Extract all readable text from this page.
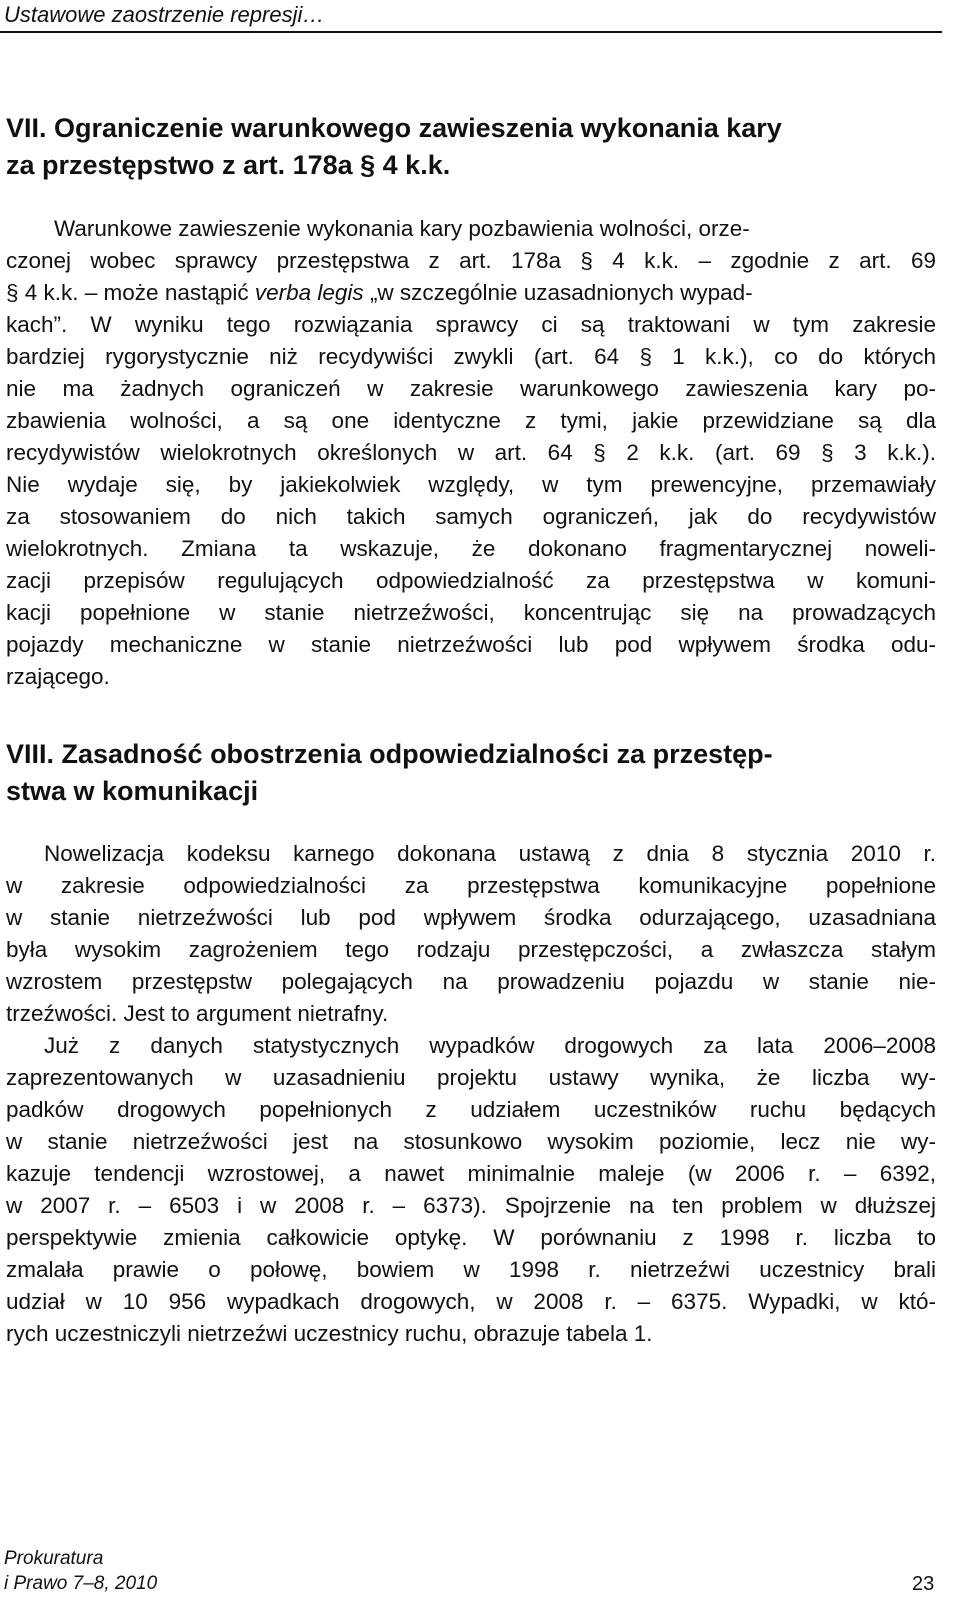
Ustawowe zaostrzenie represji…
VII. Ograniczenie warunkowego zawieszenia wykonania kary
za przestępstwo z art. 178a § 4 k.k.
Warunkowe zawieszenie wykonania kary pozbawienia wolności, orze-
czonej wobec sprawcy przestępstwa z art. 178a § 4 k.k. – zgodnie z art. 69
§ 4 k.k. – może nastąpić verba legis „w szczególnie uzasadnionych wypad-
kach”. W wyniku tego rozwiązania sprawcy ci są traktowani w tym zakresie
bardziej rygorystycznie niż recydywiści zwykli (art. 64 § 1 k.k.), co do których
nie ma żadnych ograniczeń w zakresie warunkowego zawieszenia kary po-
zbawienia wolności, a są one identyczne z tymi, jakie przewidziane są dla
recydywistów wielokrotnych określonych w art. 64 § 2 k.k. (art. 69 § 3 k.k.).
Nie wydaje się, by jakiekolwiek względy, w tym prewencyjne, przemawiały
za stosowaniem do nich takich samych ograniczeń, jak do recydywistów
wielokrotnych. Zmiana ta wskazuje, że dokonano fragmentarycznej noweli-
zacji przepisów regulujących odpowiedzialność za przestępstwa w komuni-
kacji popełnione w stanie nietrzeźwości, koncentrując się na prowadzących
pojazdy mechaniczne w stanie nietrzeźwości lub pod wpływem środka odu-
rzającego.
VIII. Zasadność obostrzenia odpowiedzialności za przestęp-
stwa w komunikacji
Nowelizacja kodeksu karnego dokonana ustawą z dnia 8 stycznia 2010 r.
w zakresie odpowiedzialności za przestępstwa komunikacyjne popełnione
w stanie nietrzeźwości lub pod wpływem środka odurzającego, uzasadniana
była wysokim zagrożeniem tego rodzaju przestępczości, a zwłaszcza stałym
wzrostem przestępstw polegających na prowadzeniu pojazdu w stanie nie-
trzeźwości. Jest to argument nietrafny.
Już z danych statystycznych wypadków drogowych za lata 2006–2008
zaprezentowanych w uzasadnieniu projektu ustawy wynika, że liczba wy-
padków drogowych popełnionych z udziałem uczestników ruchu będących
w stanie nietrzeźwości jest na stosunkowo wysokim poziomie, lecz nie wy-
kazuje tendencji wzrostowej, a nawet minimalnie maleje (w 2006 r. – 6392,
w 2007 r. – 6503 i w 2008 r. – 6373). Spojrzenie na ten problem w dłuższej
perspektywie zmienia całkowicie optykę. W porównaniu z 1998 r. liczba to
zmalała prawie o połowę, bowiem w 1998 r. nietrzeźwi uczestnicy brali
udział w 10 956 wypadkach drogowych, w 2008 r. – 6375. Wypadki, w któ-
rych uczestniczyli nietrzeźwi uczestnicy ruchu, obrazuje tabela 1.
Prokuratura
i Prawo 7–8, 2010	23
